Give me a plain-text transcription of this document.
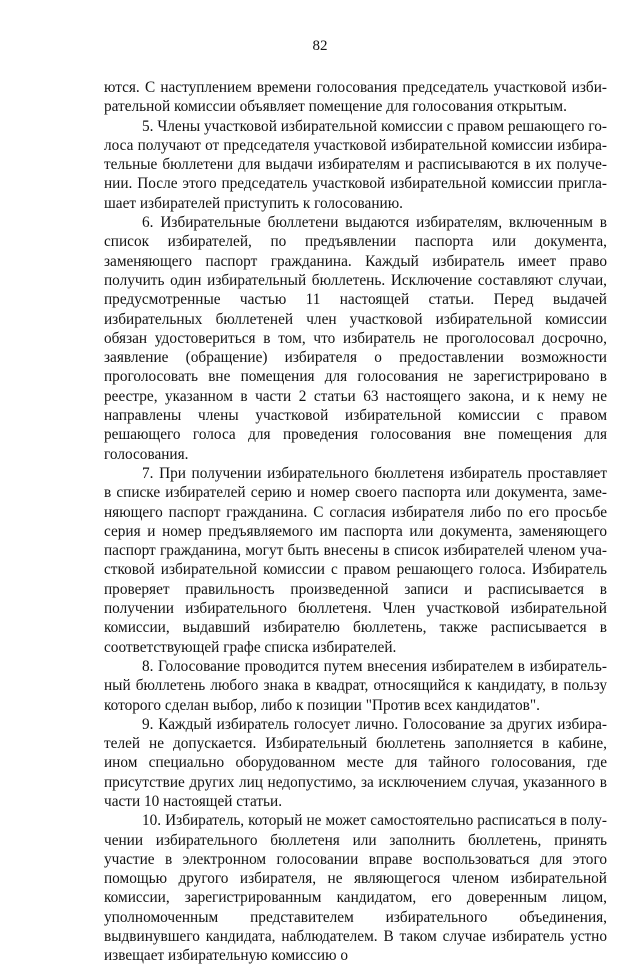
82

ются. С наступлением времени голосования председатель участковой избирательной комиссии объявляет помещение для голосования открытым.

5. Члены участковой избирательной комиссии с правом решающего голоса получают от председателя участковой избирательной комиссии избирательные бюллетени для выдачи избирателям и расписываются в их получении. После этого председатель участковой избирательной комиссии приглашает избирателей приступить к голосованию.

6. Избирательные бюллетени выдаются избирателям, включенным в список избирателей, по предъявлении паспорта или документа, заменяющего паспорт гражданина. Каждый избиратель имеет право получить один избирательный бюллетень. Исключение составляют случаи, предусмотренные частью 11 настоящей статьи. Перед выдачей избирательных бюллетеней член участковой избирательной комиссии обязан удостовериться в том, что избиратель не проголосовал досрочно, заявление (обращение) избирателя о предоставлении возможности проголосовать вне помещения для голосования не зарегистрировано в реестре, указанном в части 2 статьи 63 настоящего закона, и к нему не направлены члены участковой избирательной комиссии с правом решающего голоса для проведения голосования вне помещения для голосования.

7. При получении избирательного бюллетеня избиратель проставляет в списке избирателей серию и номер своего паспорта или документа, заменяющего паспорт гражданина. С согласия избирателя либо по его просьбе серия и номер предъявляемого им паспорта или документа, заменяющего паспорт гражданина, могут быть внесены в список избирателей членом участковой избирательной комиссии с правом решающего голоса. Избиратель проверяет правильность произведенной записи и расписывается в получении избирательного бюллетеня. Член участковой избирательной комиссии, выдавший избирателю бюллетень, также расписывается в соответствующей графе списка избирателей.

8. Голосование проводится путем внесения избирателем в избирательный бюллетень любого знака в квадрат, относящийся к кандидату, в пользу которого сделан выбор, либо к позиции "Против всех кандидатов".

9. Каждый избиратель голосует лично. Голосование за других избирателей не допускается. Избирательный бюллетень заполняется в кабине, ином специально оборудованном месте для тайного голосования, где присутствие других лиц недопустимо, за исключением случая, указанного в части 10 настоящей статьи.

10. Избиратель, который не может самостоятельно расписаться в получении избирательного бюллетеня или заполнить бюллетень, принять участие в электронном голосовании вправе воспользоваться для этого помощью другого избирателя, не являющегося членом избирательной комиссии, зарегистрированным кандидатом, его доверенным лицом, уполномоченным представителем избирательного объединения, выдвинувшего кандидата, наблюдателем. В таком случае избиратель устно извещает избирательную комиссию о
